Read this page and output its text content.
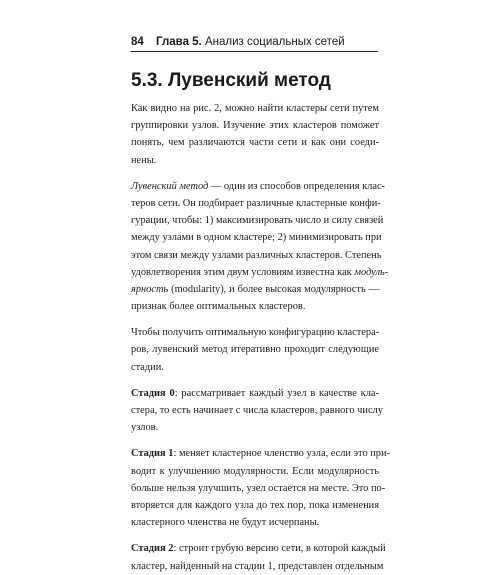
84 Глава 5. Анализ социальных сетей
5.3. Лувенский метод
Как видно на рис. 2, можно найти кластеры сети путем
группировки узлов. Изучение этих кластеров поможет
понять, чем различаются части сети и как они соеди-
нены.
Лувенский метод — один из способов определения клас-
теров сети. Он подбирает различные кластерные конфи-
гурации, чтобы: 1) максимизировать число и силу связей
между узлами в одном кластере; 2) минимизировать при
этом связи между узлами различных кластеров. Степень
удовлетворения этим двум условиям известна как модуль-
ярность (modularity), и более высокая модулярность —
признак более оптимальных кластеров.
Чтобы получить оптимальную конфигурацию кластера-
ров, лувенский метод итеративно проходит следующие
стадии.
Стадия 0: рассматривает каждый узел в качестве кла-
стера, то есть начинает с числа кластеров, равного числу
узлов.
Стадия 1: меняет кластерное членство узла, если это при-
водит к улучшению модулярности. Если модулярность
больше нельзя улучшить, узел остается на месте. Это по-
вторяется для каждого узла до тех пор, пока изменения
кластерного членства не будут исчерпаны.
Стадия 2: строит грубую версию сети, в которой каждый
кластер, найденный на стадии 1, представлен отдельным
